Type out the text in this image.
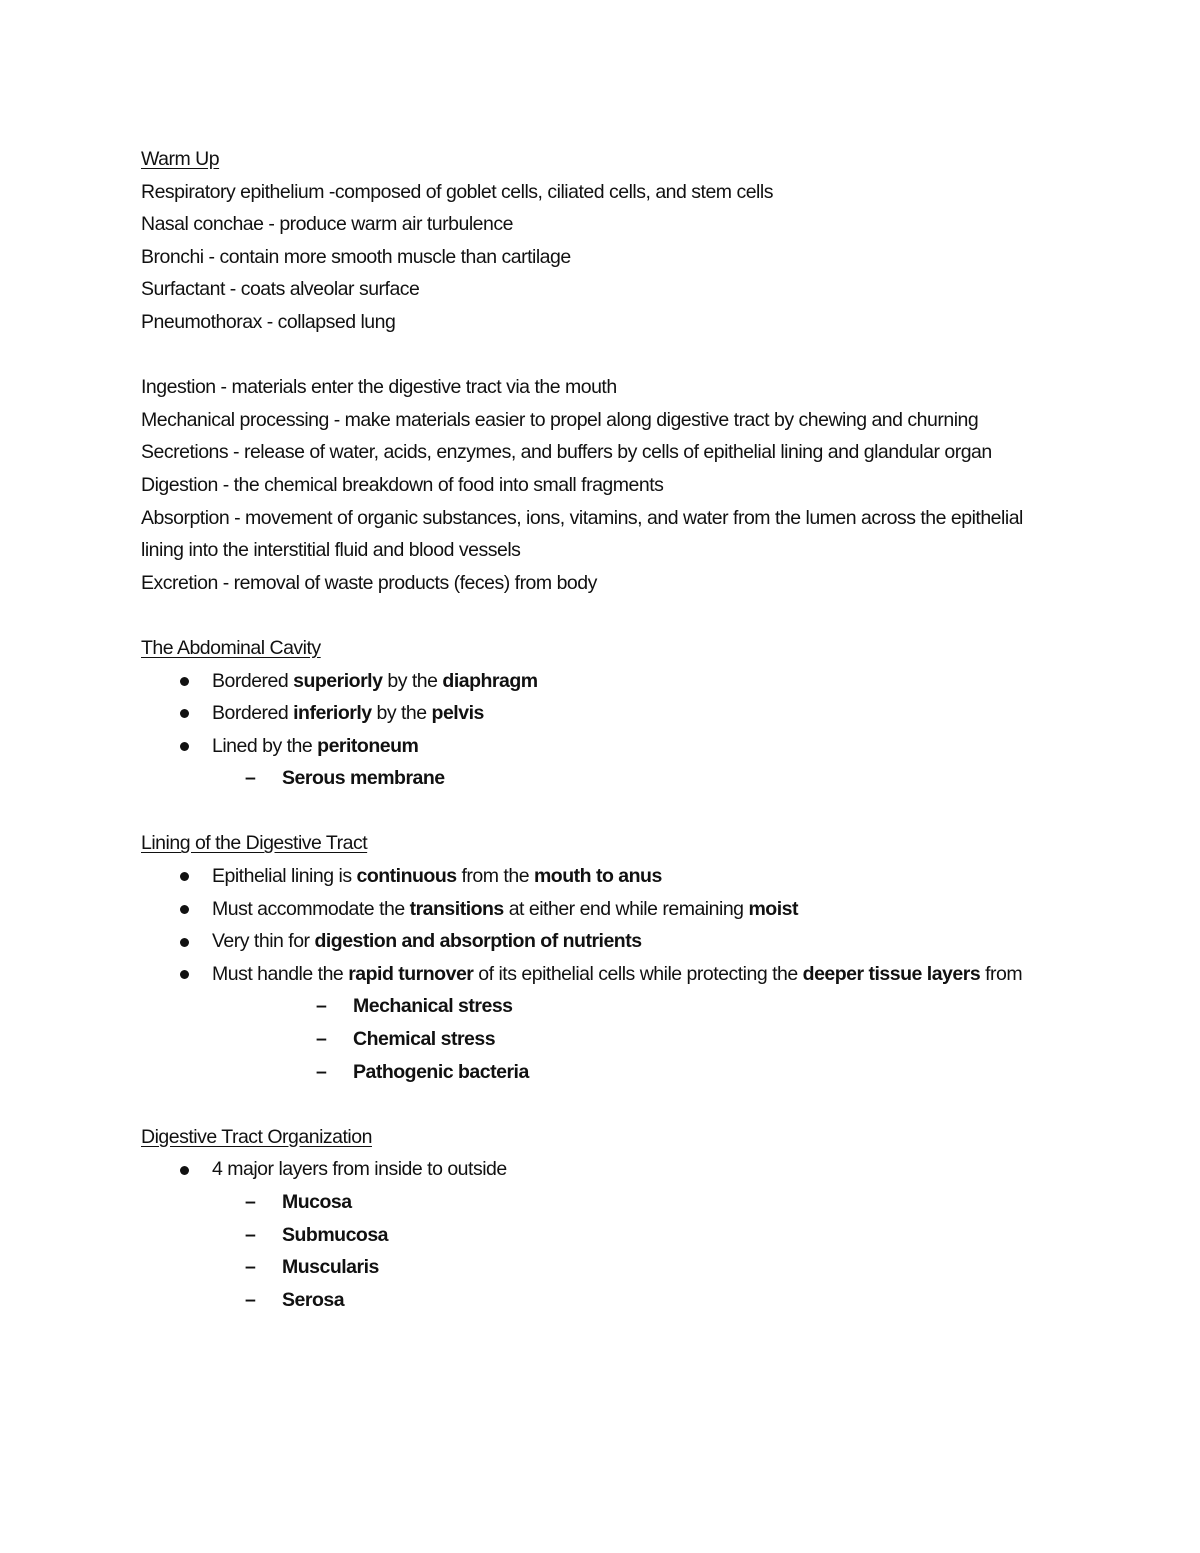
Warm Up
Respiratory epithelium -composed of goblet cells, ciliated cells, and stem cells
Nasal conchae - produce warm air turbulence
Bronchi - contain more smooth muscle than cartilage
Surfactant - coats alveolar surface
Pneumothorax - collapsed lung
Ingestion - materials enter the digestive tract via the mouth
Mechanical processing - make materials easier to propel along digestive tract by chewing and churning
Secretions - release of water, acids, enzymes, and buffers by cells of epithelial lining and glandular organ
Digestion - the chemical breakdown of food into small fragments
Absorption - movement of organic substances, ions, vitamins, and water from the lumen across the epithelial
lining into the interstitial fluid and blood vessels
Excretion - removal of waste products (feces) from body
The Abdominal Cavity
Bordered superiorly by the diaphragm
Bordered inferiorly by the pelvis
Lined by the peritoneum
– Serous membrane
Lining of the Digestive Tract
Epithelial lining is continuous from the mouth to anus
Must accommodate the transitions at either end while remaining moist
Very thin for digestion and absorption of nutrients
Must handle the rapid turnover of its epithelial cells while protecting the deeper tissue layers from
– Mechanical stress
– Chemical stress
– Pathogenic bacteria
Digestive Tract Organization
4 major layers from inside to outside
– Mucosa
– Submucosa
– Muscularis
– Serosa
